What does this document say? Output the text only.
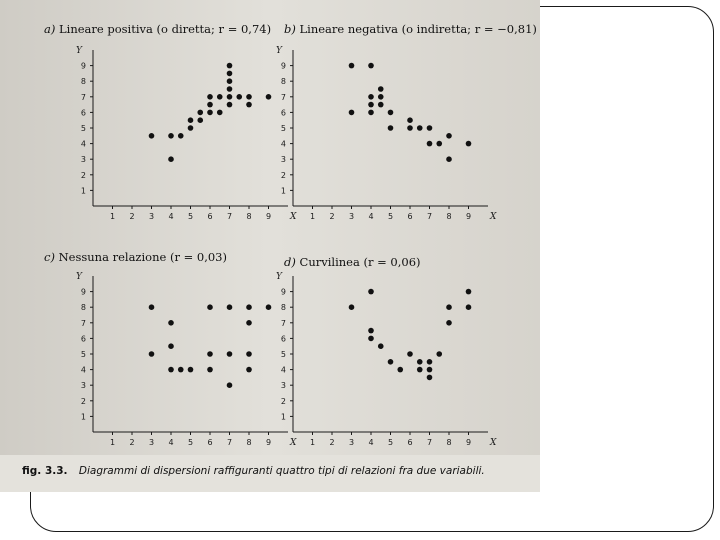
a) Lineare positiva (o diretta; r = 0,74) b) Lineare negativa (o indiretta; r = −0,81)
c) Nessuna relazione (r = 0,03)	d) Curvilinea (r = 0,06)
1 2 3 4 5 6 7 8 9
1
2
3
4
5
6
7
8
9
X
Y
1 2 3 4 5 6 7 8 9
1
2
3
4
5
6
7
8
9
X
Y
1 2 3 4 5 6 7 8 9
1
2
3
4
5
6
7
8
9
X
Y
1 2 3 4 5 6 7 8 9
1
2
3
4
5
6
7
8
9
X
Y
fig. 3.3. Diagrammi di dispersioni raffiguranti quattro tipi di relazioni fra due variabili.
